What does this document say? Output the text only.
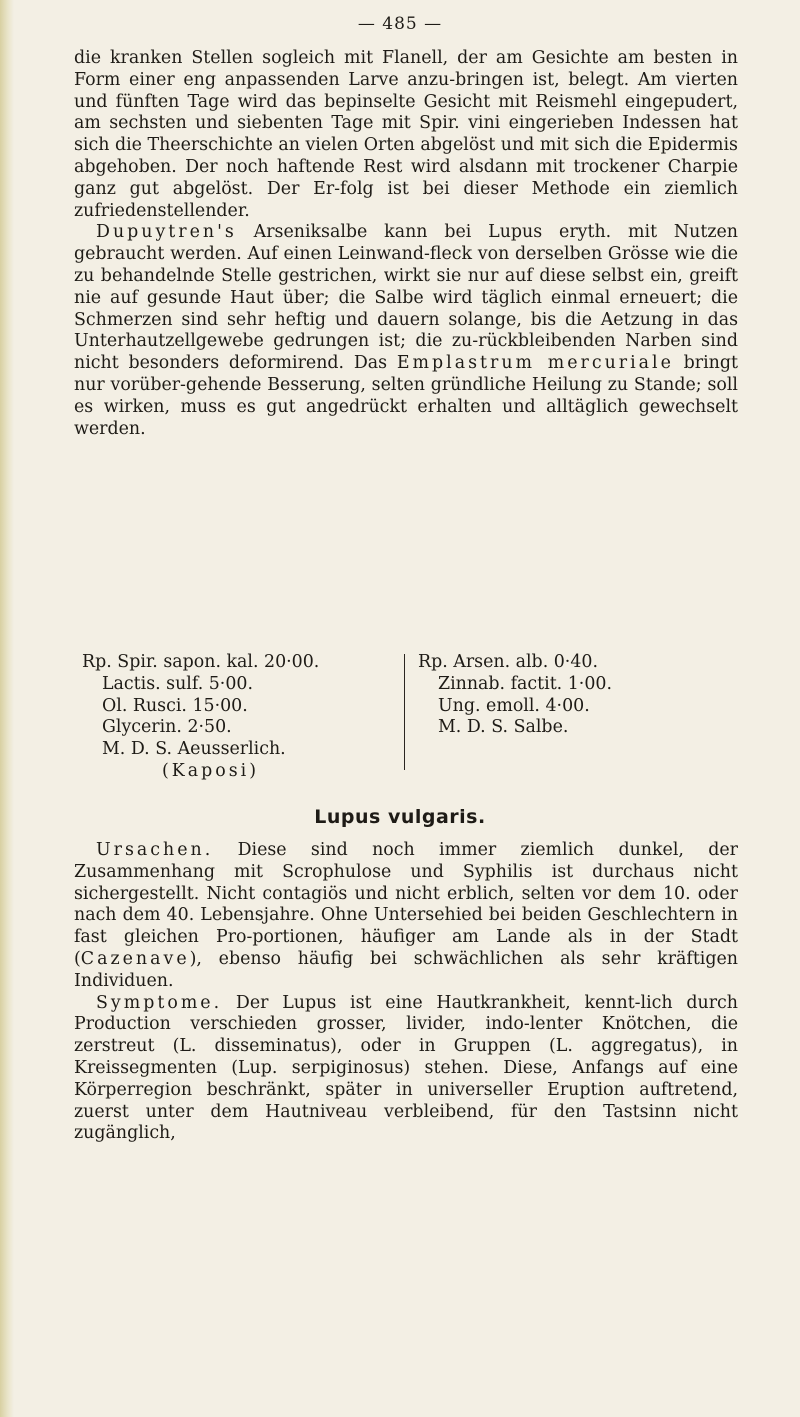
— 485 —

die kranken Stellen sogleich mit Flanell, der am Gesichte am besten in Form einer eng anpassenden Larve anzu-bringen ist, belegt. Am vierten und fünften Tage wird das bepinselte Gesicht mit Reismehl eingepudert, am sechsten und siebenten Tage mit Spir. vini eingerieben Indessen hat sich die Theerschichte an vielen Orten abgelöst und mit sich die Epidermis abgehoben. Der noch haftende Rest wird alsdann mit trockener Charpie ganz gut abgelöst. Der Er-folg ist bei dieser Methode ein ziemlich zufriedenstellender.

Dupuytren's Arseniksalbe kann bei Lupus eryth. mit Nutzen gebraucht werden. Auf einen Leinwand-fleck von derselben Grösse wie die zu behandelnde Stelle gestrichen, wirkt sie nur auf diese selbst ein, greift nie auf gesunde Haut über; die Salbe wird täglich einmal erneuert; die Schmerzen sind sehr heftig und dauern solange, bis die Aetzung in das Unterhautzellgewebe gedrungen ist; die zu-rückbleibenden Narben sind nicht besonders deformirend. Das Emplastrum mercuriale bringt nur vorüber-gehende Besserung, selten gründliche Heilung zu Stande; soll es wirken, muss es gut angedrückt erhalten und alltäglich gewechselt werden.

Rp. Spir. sapon. kal. 20·00.
Lactis. sulf. 5·00.
Ol. Rusci. 15·00.
Glycerin. 2·50.
M. D. S. Aeusserlich.
(Kaposi)
Rp. Arsen. alb. 0·40.
Zinnab. factit. 1·00.
Ung. emoll. 4·00.
M. D. S. Salbe.
Lupus vulgaris.

Ursachen. Diese sind noch immer ziemlich dunkel, der Zusammenhang mit Scrophulose und Syphilis ist durchaus nicht sichergestellt. Nicht contagiös und nicht erblich, selten vor dem 10. oder nach dem 40. Lebensjahre. Ohne Untersehied bei beiden Geschlechtern in fast gleichen Pro-portionen, häufiger am Lande als in der Stadt (Cazenave), ebenso häufig bei schwächlichen als sehr kräftigen Individuen.

Symptome. Der Lupus ist eine Hautkrankheit, kennt-lich durch Production verschieden grosser, livider, indo-lenter Knötchen, die zerstreut (L. disseminatus), oder in Gruppen (L. aggregatus), in Kreissegmenten (Lup. serpiginosus) stehen. Diese, Anfangs auf eine Körperregion beschränkt, später in universeller Eruption auftretend, zuerst unter dem Hautniveau verbleibend, für den Tastsinn nicht zugänglich,
